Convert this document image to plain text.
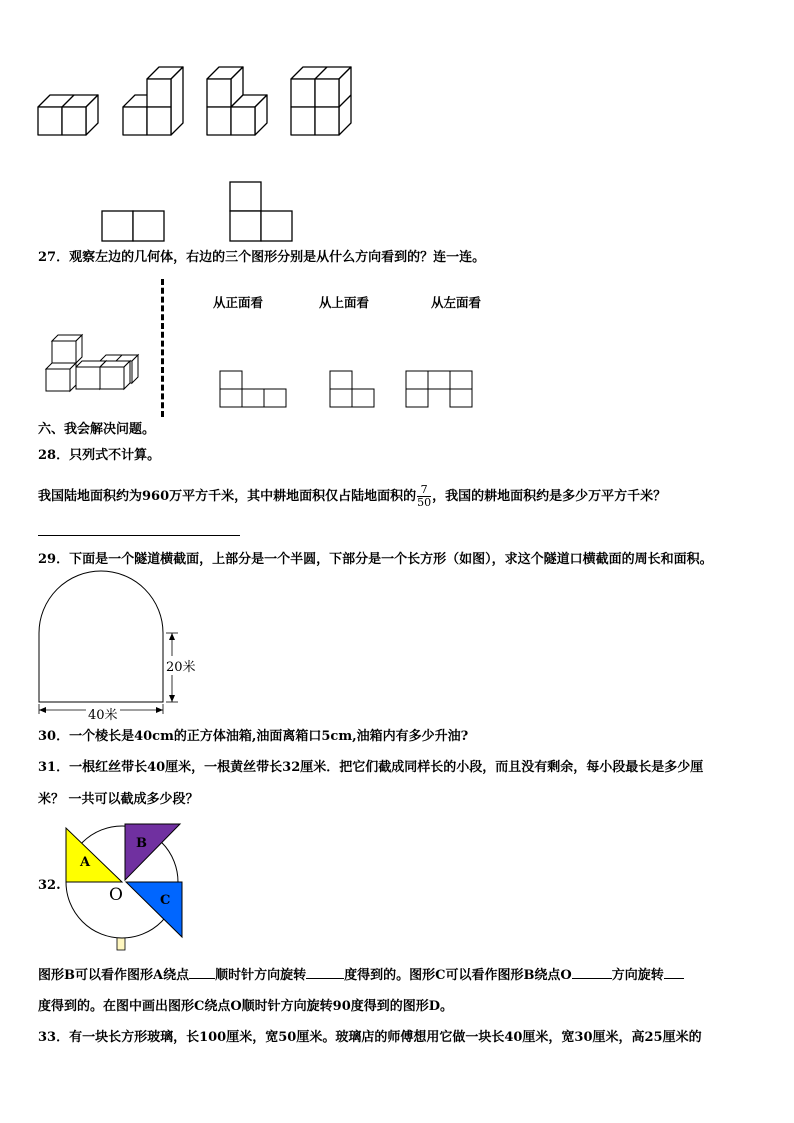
27．观察左边的几何体，右边的三个图形分别是从什么方向看到的？连一连。
从正面看	从上面看	从左面看
六、我会解决问题。
28．只列式不计算。
我国陆地面积约为960万平方千米，其中耕地面积仅占陆地面积的 $\frac{7}{50}$ ，我国的耕地面积约是多少万平方千米？
29．下面是一个隧道横截面，上部分是一个半圆，下部分是一个长方形（如图），求这个隧道口横截面的周长和面积。
20米
40米
30．一个棱长是40cm的正方体油箱,油面离箱口5cm,油箱内有多少升油?
31．一根红丝带长40厘米，一根黄丝带长32厘米．把它们截成同样长的小段，而且没有剩余，每小段最长是多少厘
米？ 一共可以截成多少段？
32.
A
B
C
O
图形B可以看作图形A绕点 顺时针方向旋转	度得到的。图形C可以看作图形B绕点O	方向旋转
度得到的。在图中画出图形C绕点O顺时针方向旋转90度得到的图形D。
33．有一块长方形玻璃，长100厘米，宽50厘米。玻璃店的师傅想用它做一块长40厘米，宽30厘米，高25厘米的
